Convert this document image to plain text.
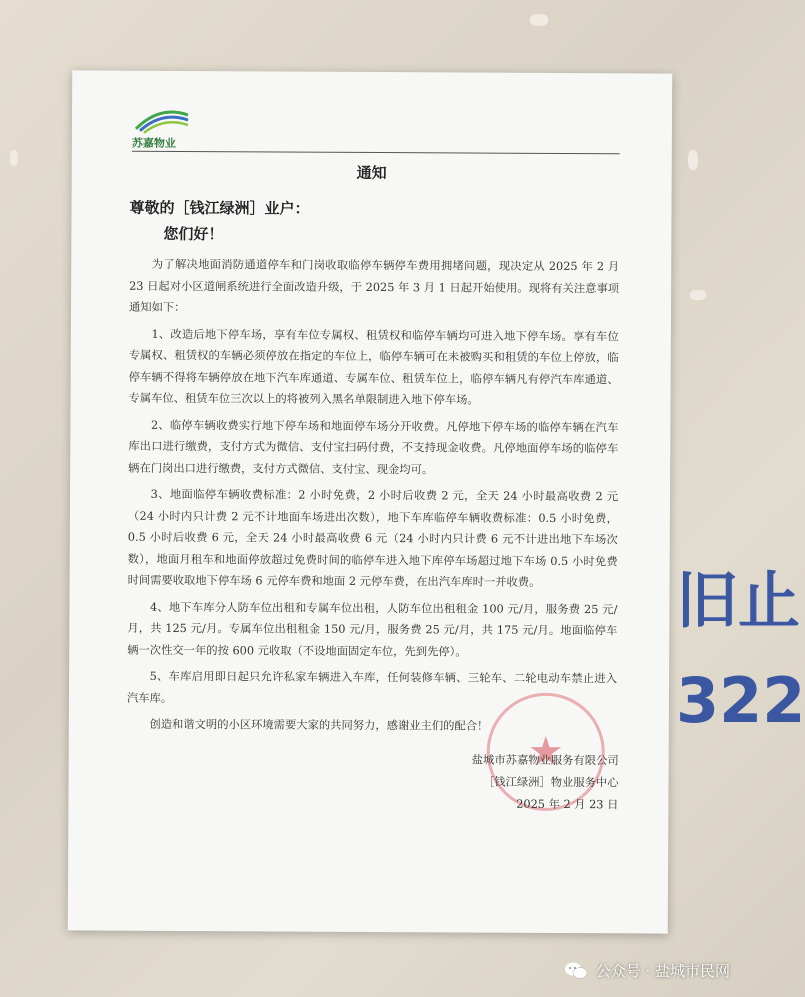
旧止
322
苏嘉物业
通知
尊敬的［钱江绿洲］业户：
您们好！

为了解决地面消防通道停车和门岗收取临停车辆停车费用拥堵问题，现决定从 2025 年 2 月 23 日起对小区道闸系统进行全面改造升级，于 2025 年 3 月 1 日起开始使用。现将有关注意事项通知如下：

1、改造后地下停车场，享有车位专属权、租赁权和临停车辆均可进入地下停车场。享有车位专属权、租赁权的车辆必须停放在指定的车位上，临停车辆可在未被购买和租赁的车位上停放，临停车辆不得将车辆停放在地下汽车库通道、专属车位、租赁车位上，临停车辆凡有停汽车库通道、专属车位、租赁车位三次以上的将被列入黑名单限制进入地下停车场。

2、临停车辆收费实行地下停车场和地面停车场分开收费。凡停地下停车场的临停车辆在汽车库出口进行缴费，支付方式为微信、支付宝扫码付费，不支持现金收费。凡停地面停车场的临停车辆在门岗出口进行缴费，支付方式微信、支付宝、现金均可。

3、地面临停车辆收费标准：2 小时免费，2 小时后收费 2 元，全天 24 小时最高收费 2 元（24 小时内只计费 2 元不计地面车场进出次数），地下车库临停车辆收费标准：0.5 小时免费，0.5 小时后收费 6 元，全天 24 小时最高收费 6 元（24 小时内只计费 6 元不计进出地下车场次数），地面月租车和地面停放超过免费时间的临停车进入地下库停车场超过地下车场 0.5 小时免费时间需要收取地下停车场 6 元停车费和地面 2 元停车费，在出汽车库时一并收费。

4、地下车库分人防车位出租和专属车位出租，人防车位出租租金 100 元/月，服务费 25 元/月，共 125 元/月。专属车位出租租金 150 元/月，服务费 25 元/月，共 175 元/月。地面临停车辆一次性交一年的按 600 元收取（不设地面固定车位，先到先停）。

5、车库启用即日起只允许私家车辆进入车库，任何装修车辆、三轮车、二轮电动车禁止进入汽车库。

创造和谐文明的小区环境需要大家的共同努力，感谢业主们的配合！

★
盐城市苏嘉物业服务有限公司
［钱江绿洲］物业服务中心
2025 年 2 月 23 日
公众号 · 盐城市民网
